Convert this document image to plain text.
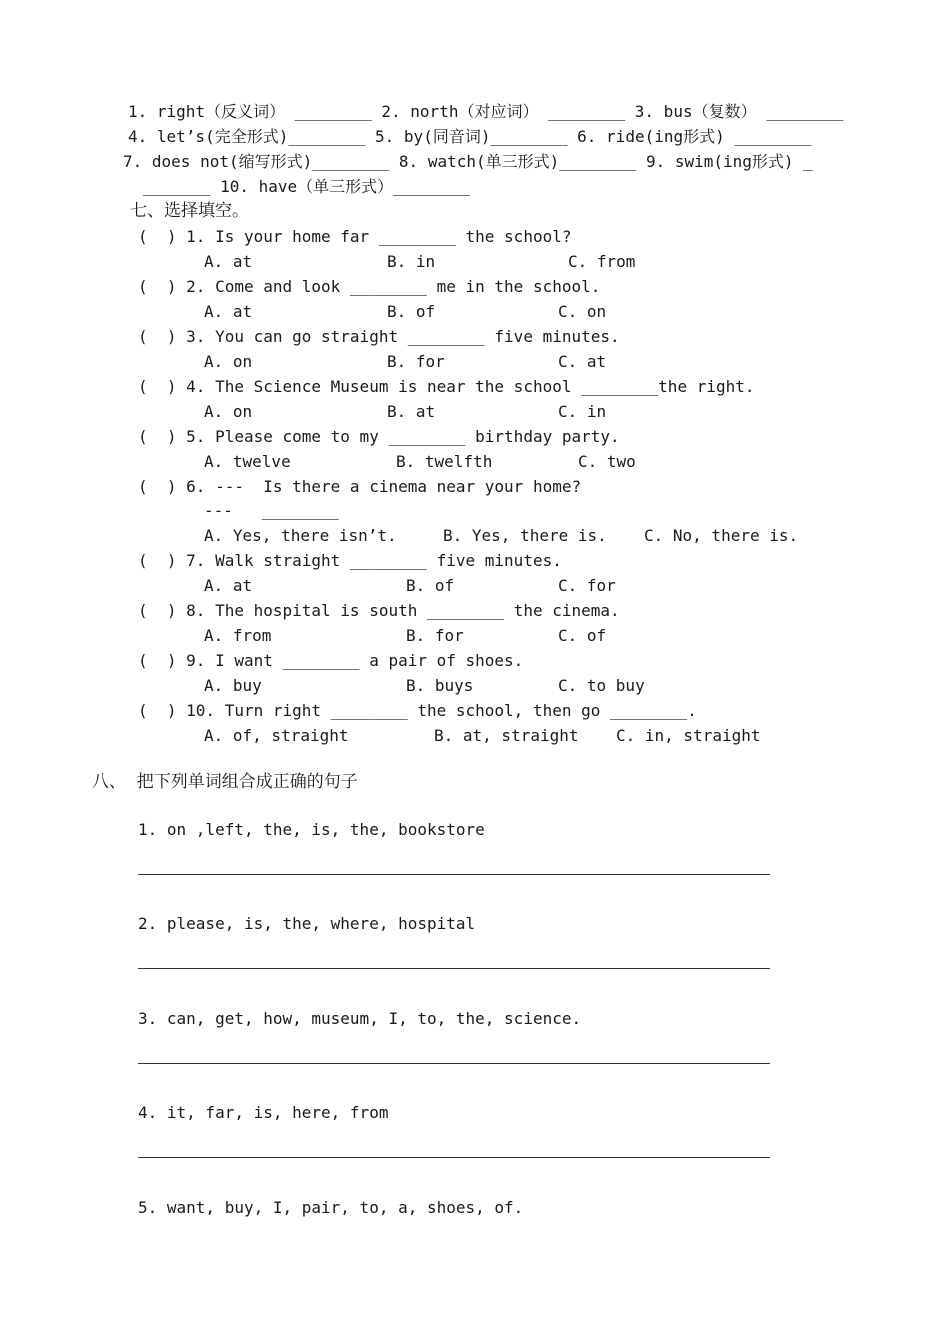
1. right（反义词） ________ 2. north（对应词） ________ 3. bus（复数） ________
4. let’s(完全形式)________ 5. by(同音词)________ 6. ride(ing形式) ________
7. does not(缩写形式)________ 8. watch(单三形式)________ 9. swim(ing形式) _
_______ 10. have（单三形式）________
七、选择填空。
(  ) 1. Is your home far ________ the school?
A. at	B. in	C. from
(  ) 2. Come and look ________ me in the school.
A. at	B. of	C. on
(  ) 3. You can go straight ________ five minutes.
A. on	B. for	C. at
(  ) 4. The Science Museum is near the school ________the right.
A. on	B. at	C. in
(  ) 5. Please come to my ________ birthday party.
A. twelve	B. twelfth	C. two
(  ) 6. ---  Is there a cinema near your home?
---   ________
A. Yes, there isn’t.	B. Yes, there is. C. No, there is.
(  ) 7. Walk straight ________ five minutes.
A. at	B. of	C. for
(  ) 8. The hospital is south ________ the cinema.
A. from	B. for	C. of
(  ) 9. I want ________ a pair of shoes.
A. buy	B. buys	C. to buy
(  ) 10. Turn right ________ the school, then go ________.
A. of, straight	B. at, straight C. in, straight
八、  把下列单词组合成正确的句子
1. on ,left, the, is, the, bookstore
2. please, is, the, where, hospital
3. can, get, how, museum, I, to, the, science.
4. it, far, is, here, from
5. want, buy, I, pair, to, a, shoes, of.
